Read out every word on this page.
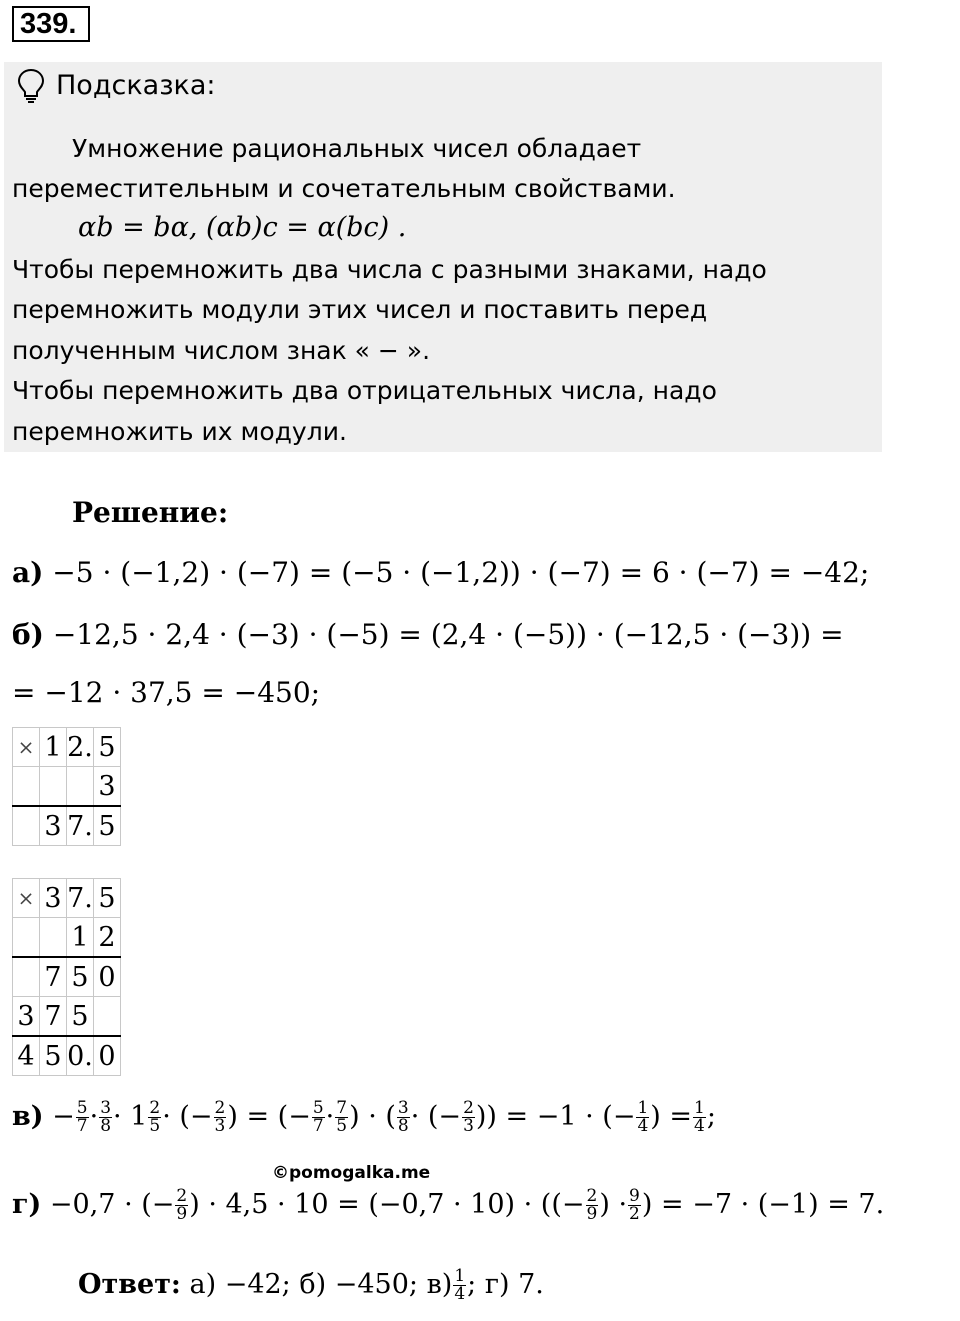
339.
Подсказка:
Умножение рациональных чисел обладает
переместительным и сочетательным свойствами.
αb = bα, (αb)c = α(bc) .
Чтобы перемножить два числа с разными знаками, надо
перемножить модули этих чисел и поставить перед
полученным числом знак « − ».
Чтобы перемножить два отрицательных числа, надо
перемножить их модули.
Решение:
а) −5 · (−1,2) · (−7) = (−5 · (−1,2)) · (−7) = 6 · (−7) = −42;
б) −12,5 · 2,4 · (−3) · (−5) = (2,4 · (−5)) · (−12,5 · (−3)) =
= −12 · 37,5 = −450;
×	1	2.	5
			3
	3	7.	5
×	3	7.	5
		1	2
	7	5	0
3	7	5	
4	5	0.	0
$в) - \frac{5}{7} \cdot \frac{3}{8} \cdot 1 \frac{2}{5}$ · (− $\frac{2}{3}$ ) = (− $\frac{5}{7} \cdot \frac{7}{5}$ ) · ( $\frac{3}{8}$ · (− $\frac{2}{3}$ )) = −1 · (− $\frac{1}{4}$ ) = $\frac{1}{4}$ ;
©pomogalka.me
г) −0,7 · (− $\frac{2}{9}$ ) · 4,5 · 10 = (−0,7 · 10) · ((− $\frac{2}{9}$ ) · $\frac{9}{2}$ ) = −7 · (−1) = 7.
Ответ: а) −42; б) −450; $в) \frac{1}{4}$ ; г) 7.
